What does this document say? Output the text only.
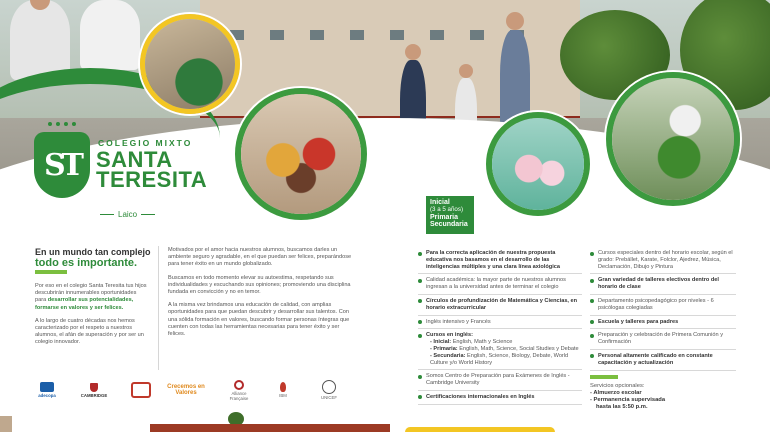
ST
COLEGIO MIXTO
SANTA
TERESITA
Laico
En un mundo tan complejo
todo es importante.

Por eso en el colegio Santa Teresita tus hijos descubrirán innumerables oportunidades para desarrollar sus potencialidades, formarse en valores y ser felices.

A lo largo de cuatro décadas nos hemos caracterizado por el respeto a nuestros alumnos, el afán de superación y por ser un colegio innovador.

Motivados por el amor hacia nuestros alumnos, buscamos darles un ambiente seguro y agradable, en el que puedan ser felices, preparándose para tener éxito en un mundo globalizado.

Buscamos en todo momento elevar su autoestima, respetando sus individualidades y escuchando sus opiniones; promoviendo una disciplina fundada en convicción y no en temor.

A la misma vez brindamos una educación de calidad, con amplias oportunidades para que puedan descubrir y desarrollar sus talentos. Con una sólida formación en valores, buscando formar personas íntegras que cuenten con todas las herramientas necesarias para tener éxito y ser felices.

Inicial
(3 a 5 años)
Primaria
Secundaria
Para la correcta aplicación de nuestra propuesta educativa nos basamos en el desarrollo de las inteligencias múltiples y una clara línea axiológica
Calidad académica: la mayor parte de nuestros alumnos ingresan a la universidad antes de terminar el colegio
Círculos de profundización de Matemática y Ciencias, en horario extracurricular
Inglés intensivo y Francés
Cursos en inglés:
- Inicial: English, Math y Science
- Primaria: English, Math, Science, Social Studies y Debate
- Secundaria: English, Science, Biology, Debate, World Culture y/o World History
Somos Centro de Preparación para Exámenes de Inglés - Cambridge University
Certificaciones internacionales en Inglés
Cursos especiales dentro del horario escolar, según el grado: Prebállet, Karate, Folclor, Ajedrez, Música, Declamación, Dibujo y Pintura
Gran variedad de talleres electivos dentro del horario de clase
Departamento psicopedagógico por niveles - 6 psicólogas colegiadas
Escuela y talleres para padres
Preparación y celebración de Primera Comunión y Confirmación
Personal altamente calificado en constante capacitación y actualización
Servicios opcionales:
- Almuerzo escolar
- Permanencia supervisada
hasta las 5:50 p.m.
adecopa	CAMBRIDGE
Crecemos en Valores	Alliance Française	IBM	UNICEF
